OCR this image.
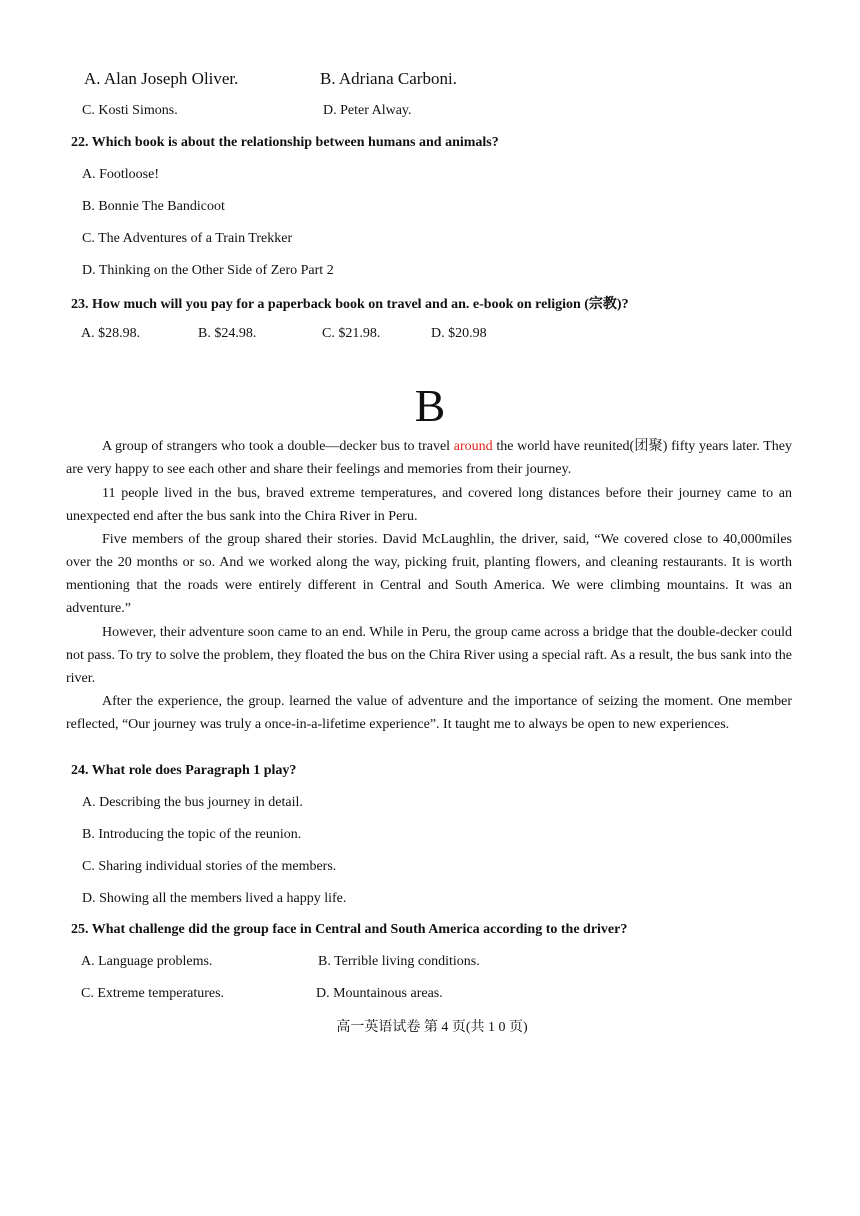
A. Alan Joseph Oliver.	B. Adriana Carboni.
C. Kosti Simons.	D. Peter Alway.
22. Which book is about the relationship between humans and animals?
A. Footloose!
B. Bonnie The Bandicoot
C. The Adventures of a Train Trekker
D. Thinking on the Other Side of Zero Part 2
23. How much will you pay for a paperback book on travel and an. e-book on religion (宗教)?
A. $28.98.	B. $24.98.	C. $21.98.	D. $20.98
B

A group of strangers who took a double—decker bus to travel around the world have reunited(团聚) fifty years later. They are very happy to see each other and share their feelings and memories from their journey.

11 people lived in the bus, braved extreme temperatures, and covered long distances before their journey came to an unexpected end after the bus sank into the Chira River in Peru.

Five members of the group shared their stories. David McLaughlin, the driver, said, “We covered close to 40,000miles over the 20 months or so. And we worked along the way, picking fruit, planting flowers, and cleaning restaurants. It is worth mentioning that the roads were entirely different in Central and South America. We were climbing mountains. It was an adventure.”

However, their adventure soon came to an end. While in Peru, the group came across a bridge that the double-decker could not pass. To try to solve the problem, they floated the bus on the Chira River using a special raft. As a result, the bus sank into the river.

After the experience, the group. learned the value of adventure and the importance of seizing the moment. One member reflected, “Our journey was truly a once-in-a-lifetime experience”. It taught me to always be open to new experiences.

24. What role does Paragraph 1 play?
A. Describing the bus journey in detail.
B. Introducing the topic of the reunion.
C. Sharing individual stories of the members.
D. Showing all the members lived a happy life.
25. What challenge did the group face in Central and South America according to the driver?
A. Language problems.	B. Terrible living conditions.
C. Extreme temperatures.	D. Mountainous areas.
高一英语试卷 第 4 页(共 1 0 页)
